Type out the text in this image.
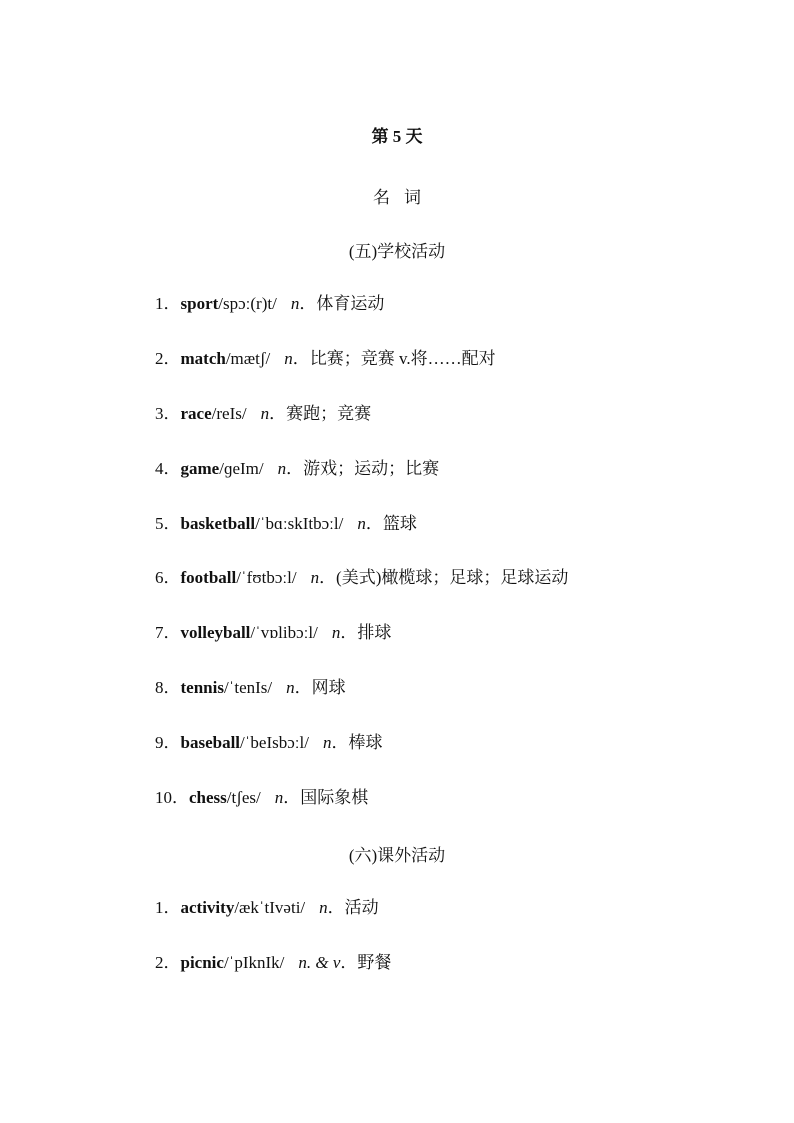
第 5 天
名词
(五)学校活动
1．sport/spɔː(r)t/ n．体育运动
2．match/mætʃ/ n．比赛；竞赛 v.将……配对
3．race/reIs/ n．赛跑；竞赛
4．game/ɡeIm/ n．游戏；运动；比赛
5．basketball/ˈbɑːskItbɔːl/ n．篮球
6．football/ˈfʊtbɔːl/ n．(美式)橄榄球；足球；足球运动
7．volleyball/ˈvɒlibɔːl/ n．排球
8．tennis/ˈtenIs/ n．网球
9．baseball/ˈbeIsbɔːl/ n．棒球
10．chess/tʃes/ n．国际象棋
(六)课外活动
1．activity/ækˈtIvəti/ n．活动
2．picnic/ˈpIknIk/ n. & v．野餐
